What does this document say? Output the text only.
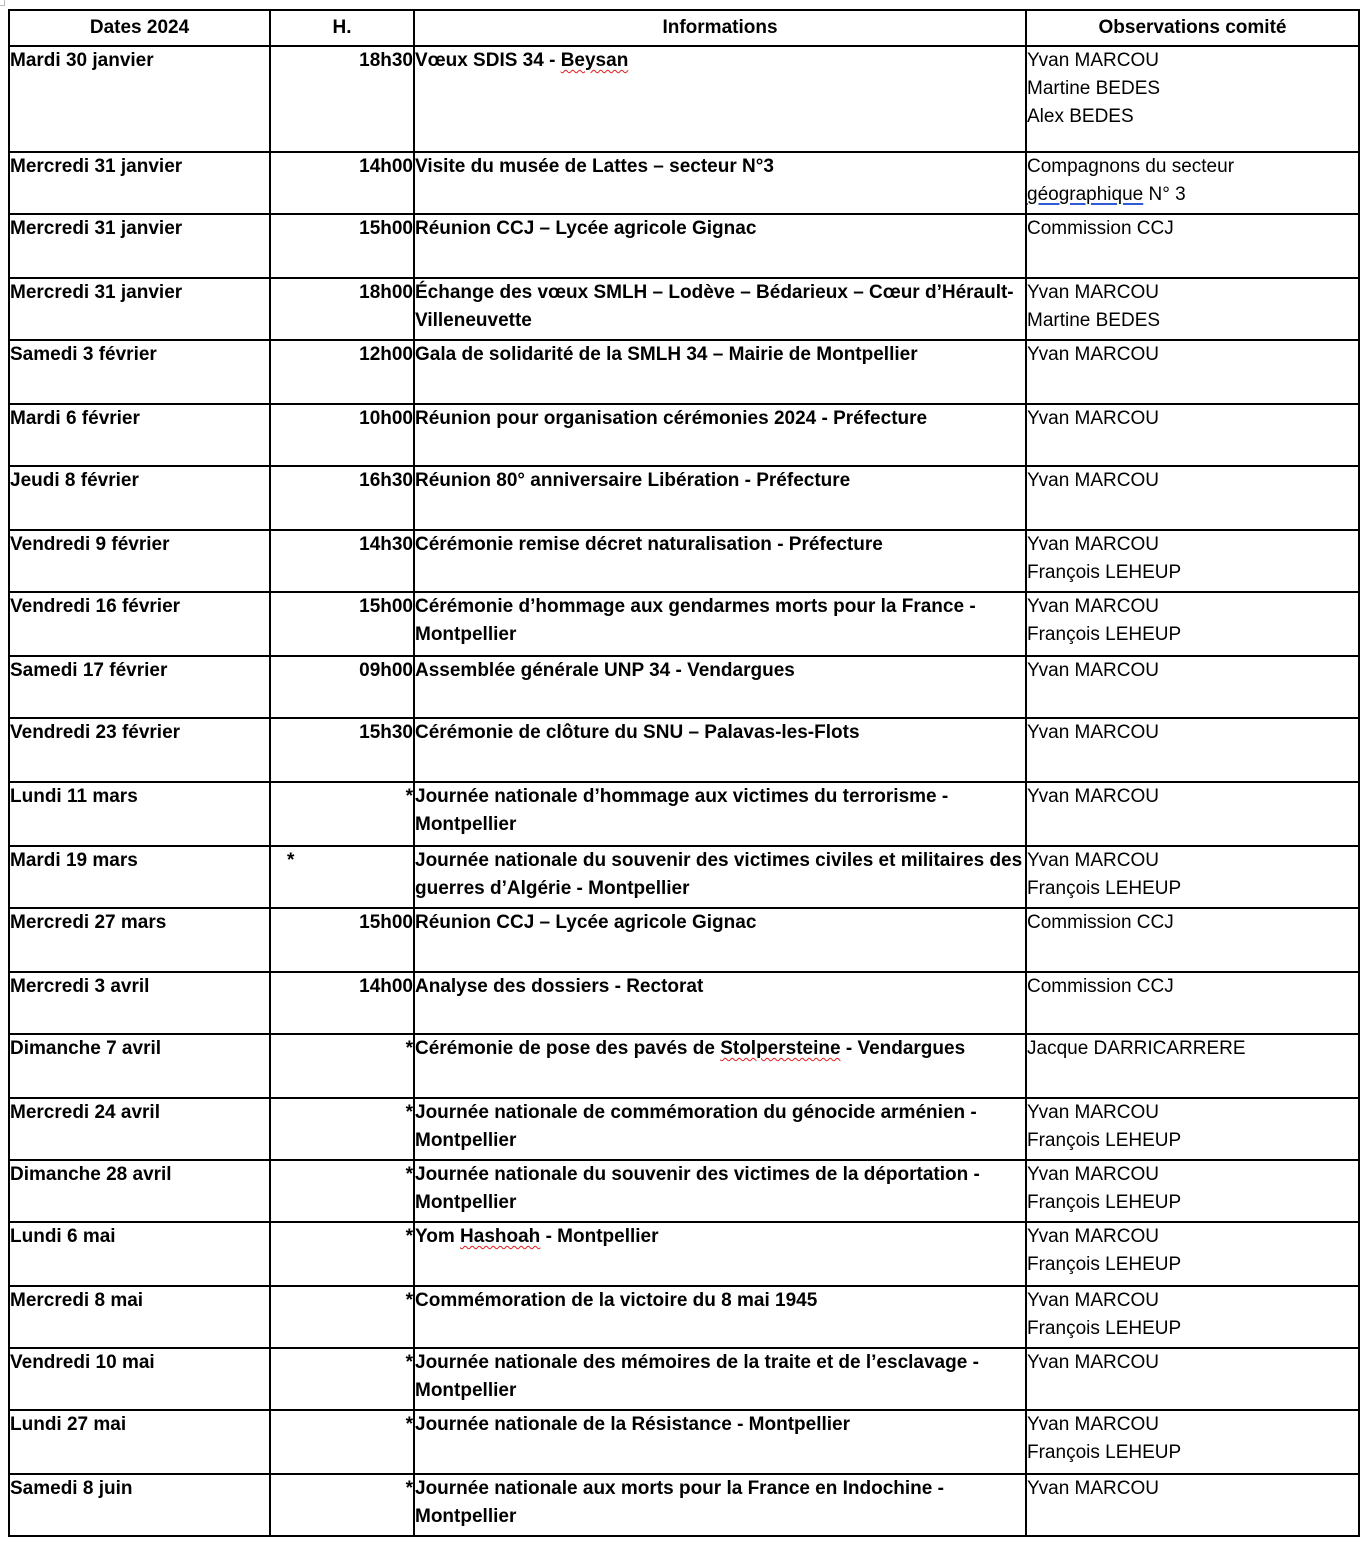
Dates 2024	H.	Informations	Observations comité
Mardi 30 janvier	18h30	Vœux SDIS 34 - Beysan	Yvan MARCOU
Martine BEDES
Alex BEDES

Mercredi 31 janvier	14h00	Visite du musée de Lattes – secteur N°3	Compagnons du secteur
géographique N° 3

Mercredi 31 janvier	15h00	Réunion CCJ – Lycée agricole Gignac	Commission CCJ

Mercredi 31 janvier	18h00	Échange des vœux SMLH – Lodève – Bédarieux – Cœur d’Hérault- Villeneuvette	Yvan MARCOU
Martine BEDES

Samedi 3 février	12h00	Gala de solidarité de la SMLH 34 – Mairie de Montpellier	Yvan MARCOU

Mardi 6 février	10h00	Réunion pour organisation cérémonies 2024 - Préfecture	Yvan MARCOU

Jeudi 8 février	16h30	Réunion 80° anniversaire Libération - Préfecture	Yvan MARCOU

Vendredi 9 février	14h30	Cérémonie remise décret naturalisation - Préfecture	Yvan MARCOU
François LEHEUP

Vendredi 16 février	15h00	Cérémonie d’hommage aux gendarmes morts pour la France - Montpellier	Yvan MARCOU
François LEHEUP

Samedi 17 février	09h00	Assemblée générale UNP 34 - Vendargues	Yvan MARCOU

Vendredi 23 février	15h30	Cérémonie de clôture du SNU – Palavas-les-Flots	Yvan MARCOU

Lundi 11 mars	*	Journée nationale d’hommage aux victimes du terrorisme - Montpellier	Yvan MARCOU

Mardi 19 mars	*	Journée nationale du souvenir des victimes civiles et militaires des guerres d’Algérie - Montpellier	Yvan MARCOU
François LEHEUP

Mercredi 27 mars	15h00	Réunion CCJ – Lycée agricole Gignac	Commission CCJ

Mercredi 3 avril	14h00	Analyse des dossiers - Rectorat	Commission CCJ

Dimanche 7 avril	*	Cérémonie de pose des pavés de Stolpersteine - Vendargues	Jacque DARRICARRERE

Mercredi 24 avril	*	Journée nationale de commémoration du génocide arménien - Montpellier	Yvan MARCOU
François LEHEUP

Dimanche 28 avril	*	Journée nationale du souvenir des victimes de la déportation - Montpellier	Yvan MARCOU
François LEHEUP

Lundi 6 mai	*	Yom Hashoah - Montpellier	Yvan MARCOU
François LEHEUP

Mercredi 8 mai	*	Commémoration de la victoire du 8 mai 1945	Yvan MARCOU
François LEHEUP

Vendredi 10 mai	*	Journée nationale des mémoires de la traite et de l’esclavage - Montpellier	Yvan MARCOU

Lundi 27 mai	*	Journée nationale de la Résistance - Montpellier	Yvan MARCOU
François LEHEUP

Samedi 8 juin	*	Journée nationale aux morts pour la France en Indochine - Montpellier	Yvan MARCOU
